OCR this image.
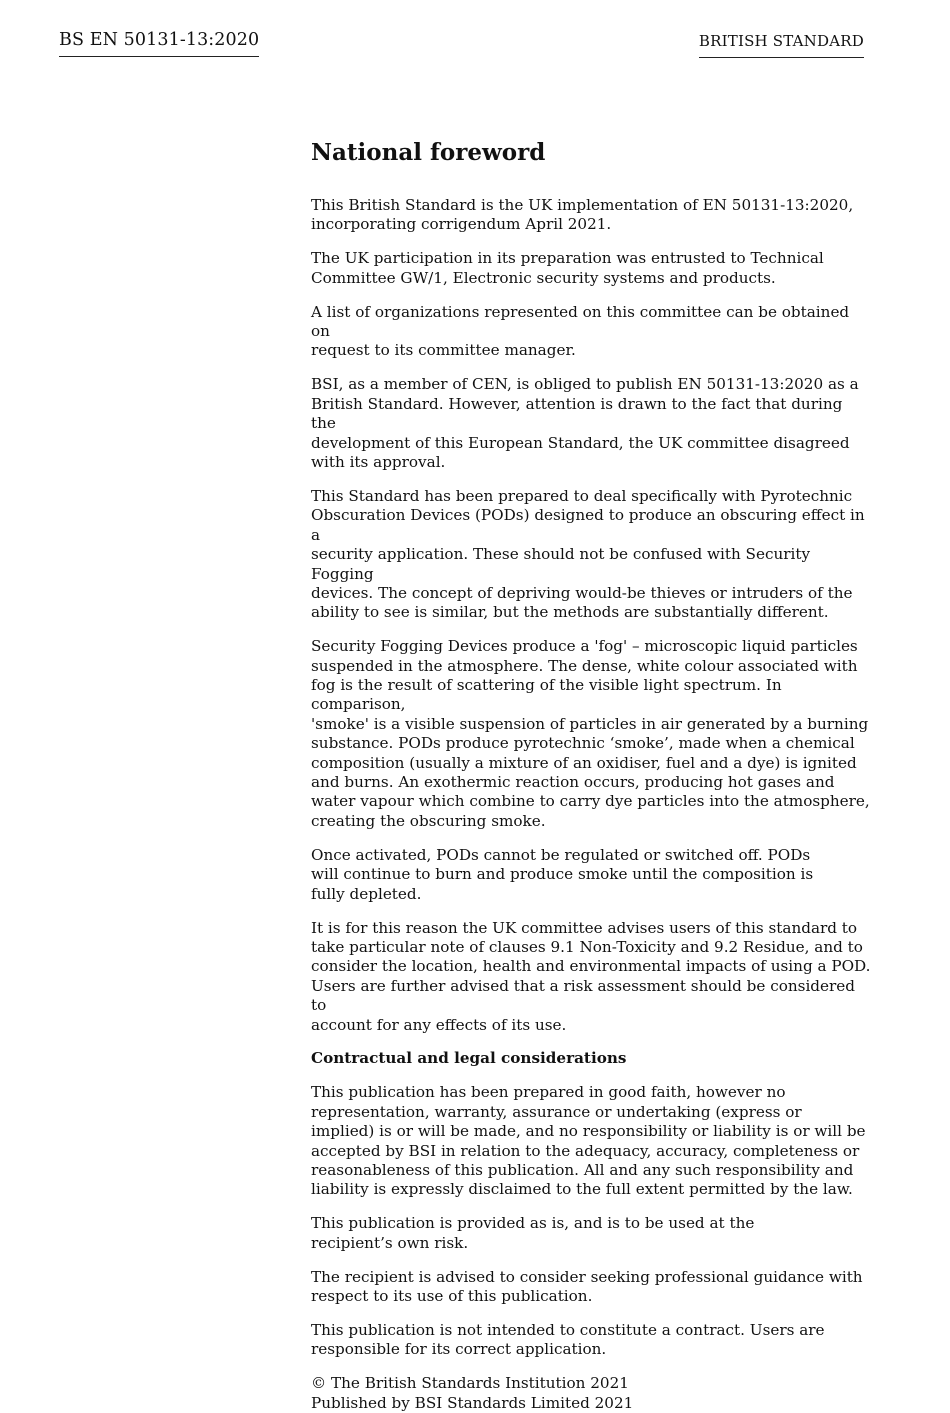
BS EN 50131-13:2020	BRITISH STANDARD
National foreword

This British Standard is the UK implementation of EN 50131-13:2020,
incorporating corrigendum April 2021.

The UK participation in its preparation was entrusted to Technical
Committee GW/1, Electronic security systems and products.

A list of organizations represented on this committee can be obtained on
request to its committee manager.

BSI, as a member of CEN, is obliged to publish EN 50131-13:2020 as a
British Standard. However, attention is drawn to the fact that during the
development of this European Standard, the UK committee disagreed
with its approval.

This Standard has been prepared to deal specifically with Pyrotechnic
Obscuration Devices (PODs) designed to produce an obscuring effect in a
security application. These should not be confused with Security Fogging
devices. The concept of depriving would-be thieves or intruders of the
ability to see is similar, but the methods are substantially different.

Security Fogging Devices produce a 'fog' – microscopic liquid particles
suspended in the atmosphere. The dense, white colour associated with
fog is the result of scattering of the visible light spectrum. In comparison,
'smoke' is a visible suspension of particles in air generated by a burning
substance. PODs produce pyrotechnic ‘smoke’, made when a chemical
composition (usually a mixture of an oxidiser, fuel and a dye) is ignited
and burns. An exothermic reaction occurs, producing hot gases and
water vapour which combine to carry dye particles into the atmosphere,
creating the obscuring smoke.

Once activated, PODs cannot be regulated or switched off. PODs
will continue to burn and produce smoke until the composition is
fully depleted.

It is for this reason the UK committee advises users of this standard to
take particular note of clauses 9.1 Non-Toxicity and 9.2 Residue, and to
consider the location, health and environmental impacts of using a POD.
Users are further advised that a risk assessment should be considered to
account for any effects of its use.

Contractual and legal considerations

This publication has been prepared in good faith, however no
representation, warranty, assurance or undertaking (express or
implied) is or will be made, and no responsibility or liability is or will be
accepted by BSI in relation to the adequacy, accuracy, completeness or
reasonableness of this publication. All and any such responsibility and
liability is expressly disclaimed to the full extent permitted by the law.

This publication is provided as is, and is to be used at the
recipient’s own risk.

The recipient is advised to consider seeking professional guidance with
respect to its use of this publication.

This publication is not intended to constitute a contract. Users are
responsible for its correct application.

© The British Standards Institution 2021
Published by BSI Standards Limited 2021
